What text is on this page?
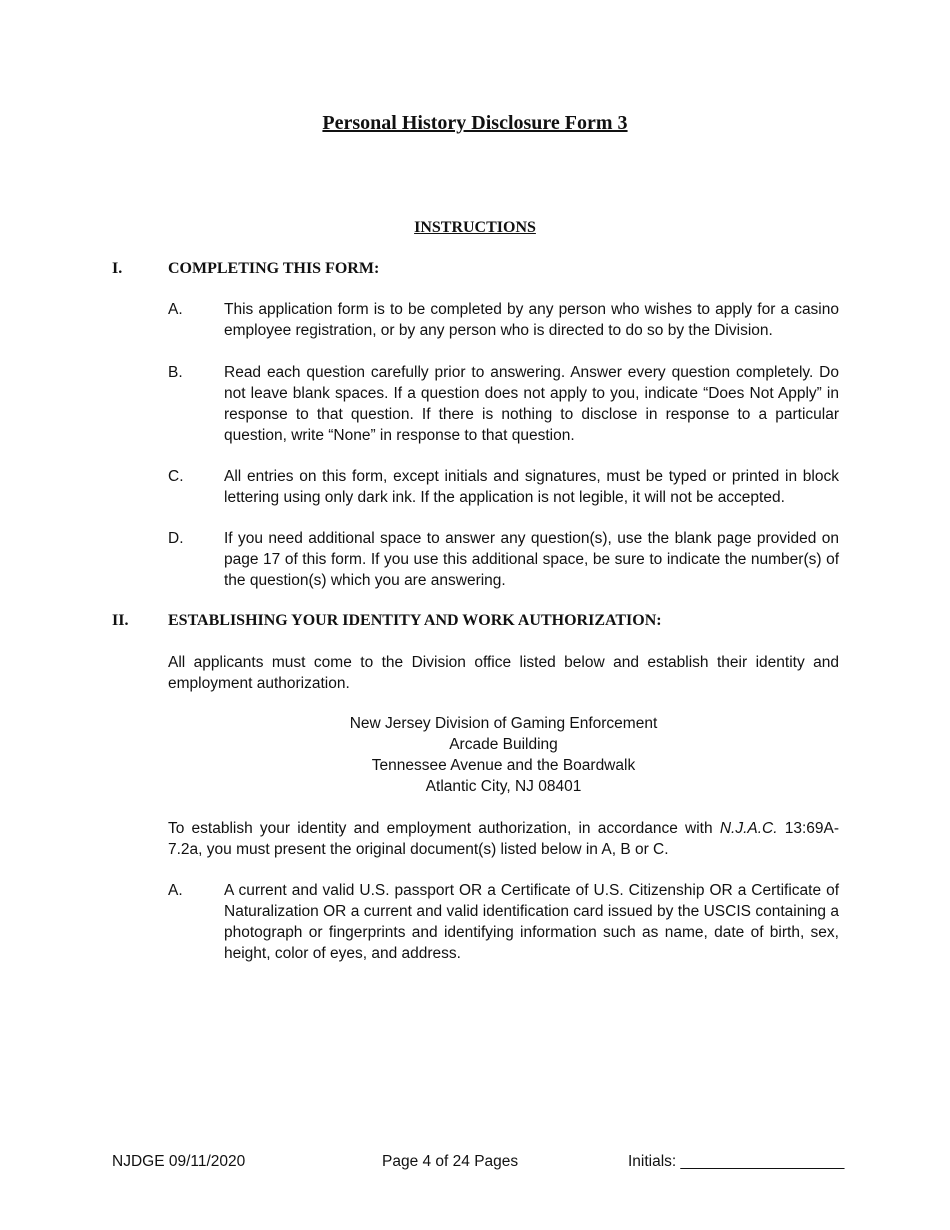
Personal History Disclosure Form 3
INSTRUCTIONS
I.	COMPLETING THIS FORM:
A.	This application form is to be completed by any person who wishes to apply for a casino employee registration, or by any person who is directed to do so by the Division.
B.	Read each question carefully prior to answering. Answer every question completely. Do not leave blank spaces. If a question does not apply to you, indicate “Does Not Apply” in response to that question. If there is nothing to disclose in response to a particular question, write “None” in response to that question.
C.	All entries on this form, except initials and signatures, must be typed or printed in block lettering using only dark ink. If the application is not legible, it will not be accepted.
D.	If you need additional space to answer any question(s), use the blank page provided on page 17 of this form. If you use this additional space, be sure to indicate the number(s) of the question(s) which you are answering.
II. ESTABLISHING YOUR IDENTITY AND WORK AUTHORIZATION:
All applicants must come to the Division office listed below and establish their identity and employment authorization.
New Jersey Division of Gaming Enforcement
Arcade Building
Tennessee Avenue and the Boardwalk
Atlantic City, NJ 08401
To establish your identity and employment authorization, in accordance with N.J.A.C. 13:69A-7.2a, you must present the original document(s) listed below in A, B or C.
A.	A current and valid U.S. passport OR a Certificate of U.S. Citizenship OR a Certificate of Naturalization OR a current and valid identification card issued by the USCIS containing a photograph or fingerprints and identifying information such as name, date of birth, sex, height, color of eyes, and address.
NJDGE 09/11/2020	Page 4 of 24 Pages	Initials: ___________________
